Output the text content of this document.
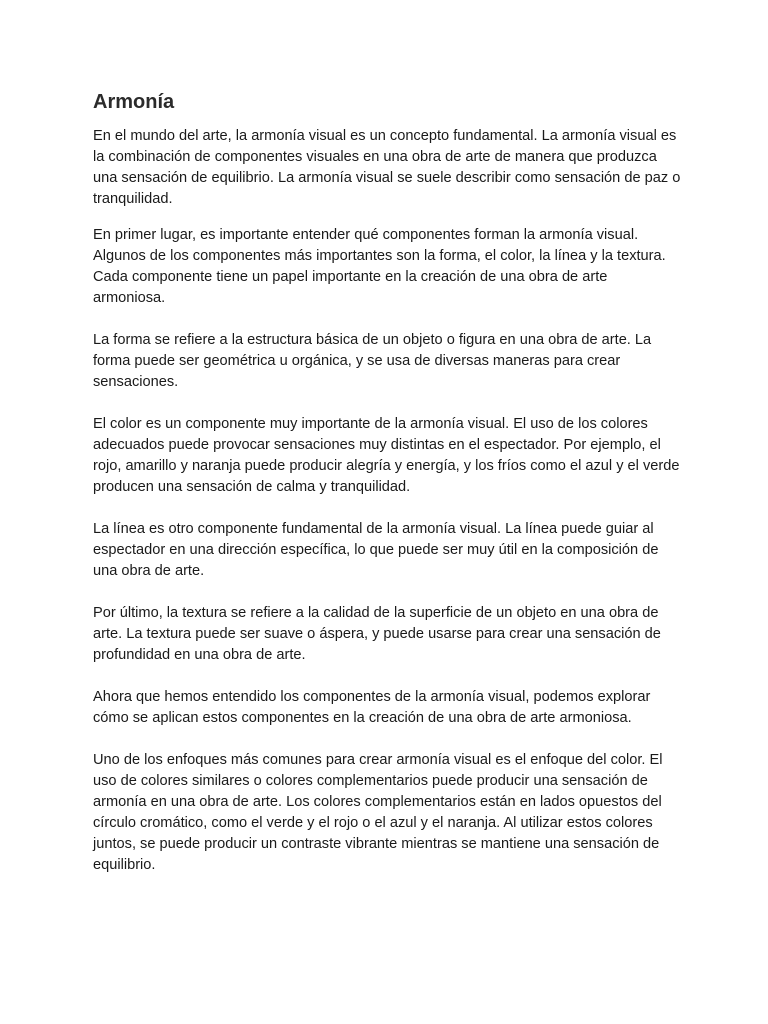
Armonía

En el mundo del arte, la armonía visual es un concepto fundamental. La armonía visual es la combinación de componentes visuales en una obra de arte de manera que produzca una sensación de equilibrio. La armonía visual se suele describir como sensación de paz o tranquilidad.

En primer lugar, es importante entender qué componentes forman la armonía visual. Algunos de los componentes más importantes son la forma, el color, la línea y la textura. Cada componente tiene un papel importante en la creación de una obra de arte armoniosa.

La forma se refiere a la estructura básica de un objeto o figura en una obra de arte. La forma puede ser geométrica u orgánica, y se usa de diversas maneras para crear sensaciones.

El color es un componente muy importante de la armonía visual. El uso de los colores adecuados puede provocar sensaciones muy distintas en el espectador. Por ejemplo, el rojo, amarillo y naranja puede producir alegría y energía, y los fríos como el azul y el verde producen una sensación de calma y tranquilidad.

La línea es otro componente fundamental de la armonía visual. La línea puede guiar al espectador en una dirección específica, lo que puede ser muy útil en la composición de una obra de arte.

Por último, la textura se refiere a la calidad de la superficie de un objeto en una obra de arte. La textura puede ser suave o áspera, y puede usarse para crear una sensación de profundidad en una obra de arte.

Ahora que hemos entendido los componentes de la armonía visual, podemos explorar cómo se aplican estos componentes en la creación de una obra de arte armoniosa.

Uno de los enfoques más comunes para crear armonía visual es el enfoque del color. El uso de colores similares o colores complementarios puede producir una sensación de armonía en una obra de arte. Los colores complementarios están en lados opuestos del círculo cromático, como el verde y el rojo o el azul y el naranja. Al utilizar estos colores juntos, se puede producir un contraste vibrante mientras se mantiene una sensación de equilibrio.
